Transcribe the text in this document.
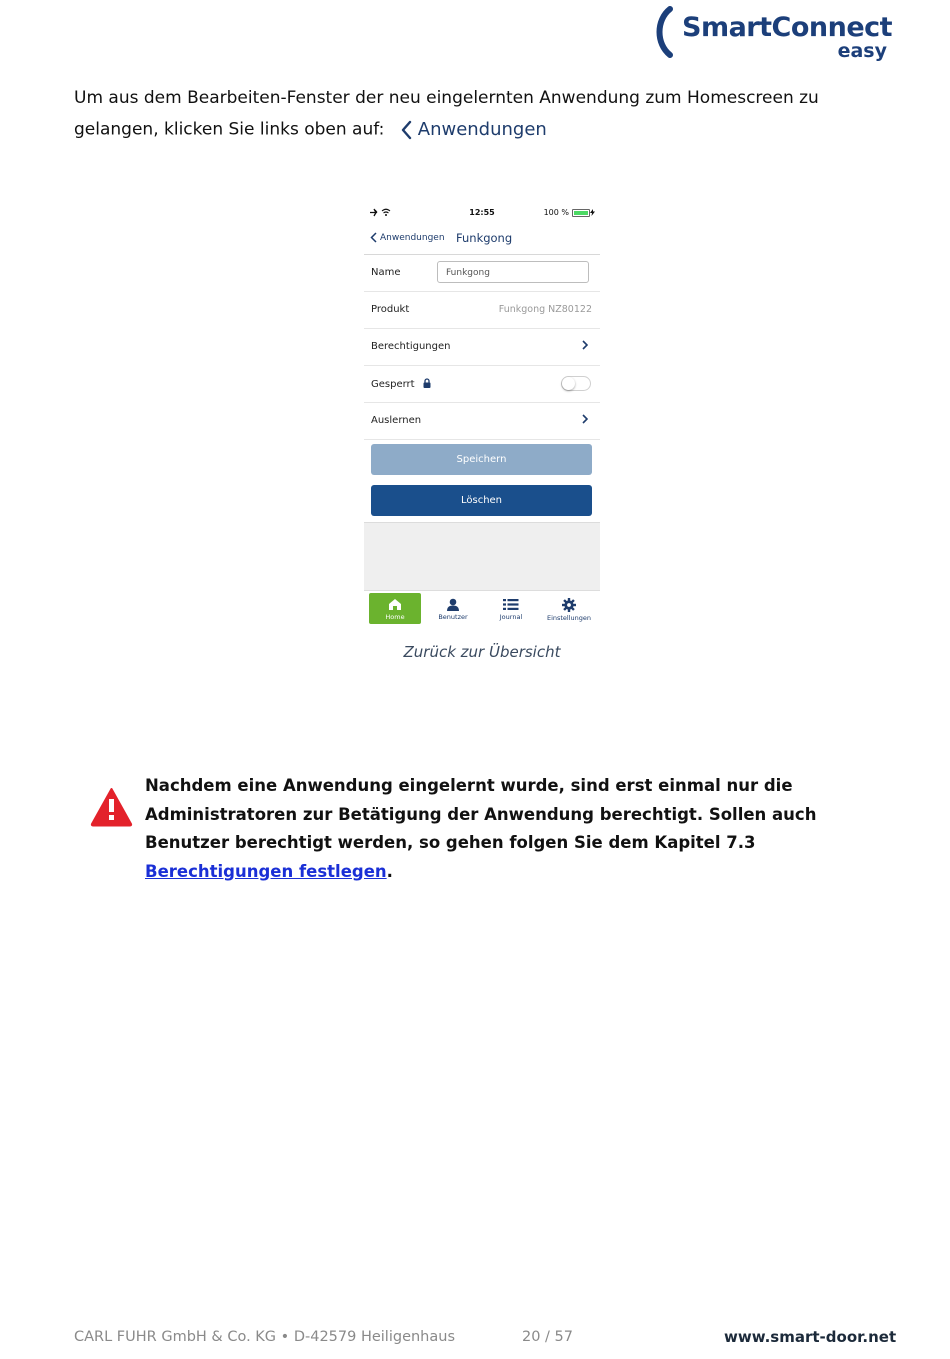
SmartConnect
easy
Um aus dem Bearbeiten-Fenster der neu eingelernten Anwendung zum Homescreen zu gelangen, klicken Sie links oben auf: Anwendungen
12:55	100 %
Anwendungen Funkgong
Name	Funkgong
Produkt	Funkgong NZ80122
Berechtigungen
Gesperrt
Auslernen
Speichern
Löschen
Home	Benutzer	Journal	Einstellungen
Zurück zur Übersicht
Nachdem eine Anwendung eingelernt wurde, sind erst einmal nur die Administratoren zur Betätigung der Anwendung berechtigt. Sollen auch Benutzer berechtigt werden, so gehen folgen Sie dem Kapitel 7.3 Berechtigungen festlegen.
CARL FUHR GmbH & Co. KG • D-42579 Heiligenhaus	20 / 57	www.smart-door.net
